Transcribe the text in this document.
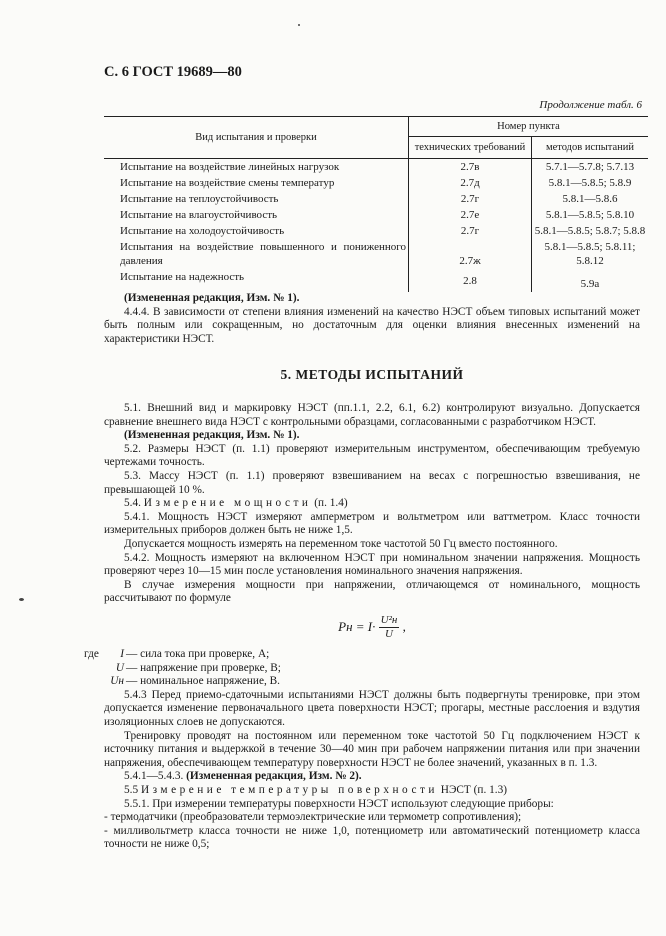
С. 6 ГОСТ 19689—80
Продолжение табл. 6
Вид испытания и проверки	Номер пункта	
	технических требований	методов испытаний
Испытание на воздействие линейных нагрузок	2.7в	5.7.1—5.7.8; 5.7.13
Испытание на воздействие смены температур	2.7д	5.8.1—5.8.5; 5.8.9
Испытание на теплоустойчивость	2.7г	5.8.1—5.8.6
Испытание на влагоустойчивость	2.7е	5.8.1—5.8.5; 5.8.10
Испытание на холодоустойчивость	2.7г	5.8.1—5.8.5; 5.8.7; 5.8.8
Испытания на воздействие повышенного и пониженного давления	2.7ж	5.8.1—5.8.5; 5.8.11; 5.8.12
Испытание на надежность	2.8	5.9а

(Измененная редакция, Изм. № 1).

4.4.4. В зависимости от степени влияния изменений на качество НЭСТ объем типовых испытаний может быть полным или сокращенным, но достаточным для оценки влияния внесенных изменений на характеристики НЭСТ.

5. МЕТОДЫ ИСПЫТАНИЙ

5.1. Внешний вид и маркировку НЭСТ (пп.1.1, 2.2, 6.1, 6.2) контролируют визуально. Допускается сравнение внешнего вида НЭСТ с контрольными образцами, согласованными с разработчиком НЭСТ.

(Измененная редакция, Изм. № 1).

5.2. Размеры НЭСТ (п. 1.1) проверяют измерительным инструментом, обеспечивающим требуемую чертежами точность.

5.3. Массу НЭСТ (п. 1.1) проверяют взвешиванием на весах с погрешностью взвешивания, не превышающей 10 %.

5.4. Измерение мощности (п. 1.4)

5.4.1. Мощность НЭСТ измеряют амперметром и вольтметром или ваттметром. Класс точности измерительных приборов должен быть не ниже 1,5.

Допускается мощность измерять на переменном токе частотой 50 Гц вместо постоянного.

5.4.2. Мощность измеряют на включенном НЭСТ при номинальном значении напряжения. Мощность проверяют через 10—15 мин после установления номинального значения напряжения.

В случае измерения мощности при напряжении, отличающемся от номинального, мощность рассчитывают по формуле

Pн = $I\cdot \frac{\text{U²н}}{U}$ ,
где	I	— сила тока при проверке, А;
	U	— напряжение при проверке, В;
	Uн	— номинальное напряжение, В.

5.4.3 Перед приемо-сдаточными испытаниями НЭСТ должны быть подвергнуты тренировке, при этом допускается изменение первоначального цвета поверхности НЭСТ; прогары, местные расслоения и вздутия изоляционных слоев не допускаются.

Тренировку проводят на постоянном или переменном токе частотой 50 Гц подключением НЭСТ к источнику питания и выдержкой в течение 30—40 мин при рабочем напряжении питания или при значении напряжения, обеспечивающем температуру поверхности НЭСТ не более значений, указанных в п. 1.3.

5.4.1—5.4.3. (Измененная редакция, Изм. № 2).

5.5 Измерение температуры поверхности НЭСТ (п. 1.3)

5.5.1. При измерении температуры поверхности НЭСТ используют следующие приборы:

- термодатчики (преобразователи термоэлектрические или термометр сопротивления);

- милливольтметр класса точности не ниже 1,0, потенциометр или автоматический потенциометр класса точности не ниже 0,5;
